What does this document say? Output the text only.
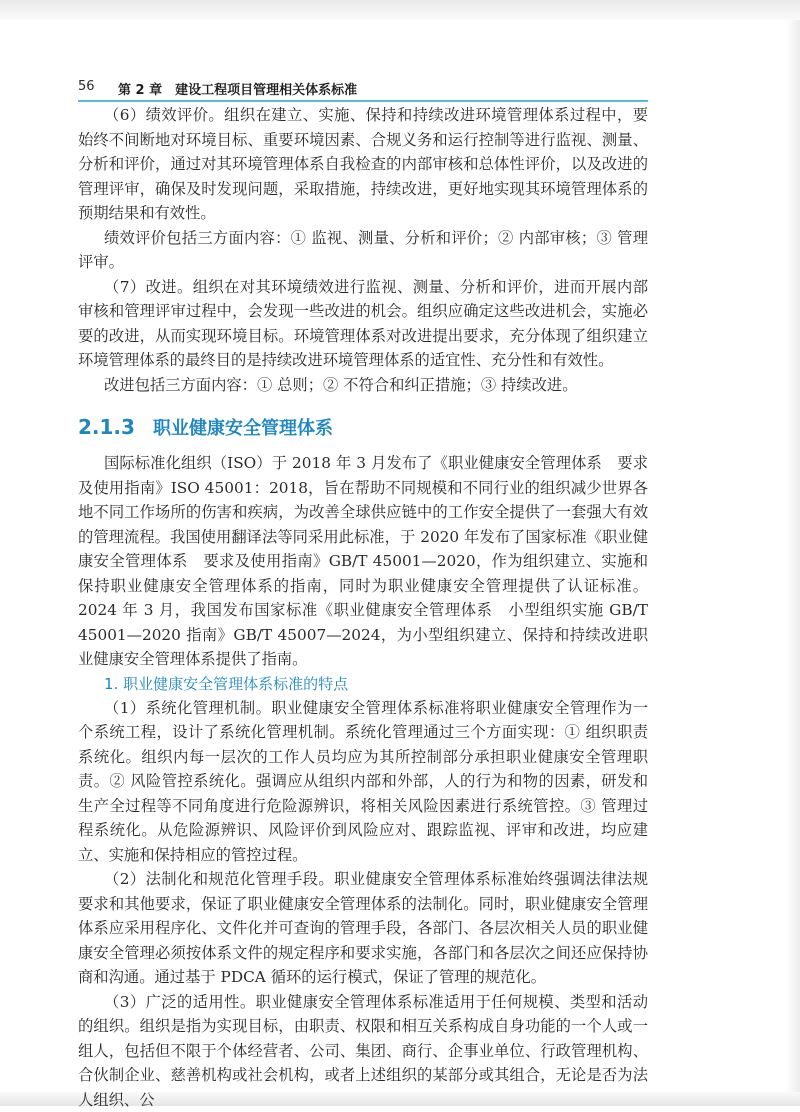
56 第 2 章　建设工程项目管理相关体系标准

（6）绩效评价。组织在建立、实施、保持和持续改进环境管理体系过程中，要始终不间断地对环境目标、重要环境因素、合规义务和运行控制等进行监视、测量、分析和评价，通过对其环境管理体系自我检查的内部审核和总体性评价，以及改进的管理评审，确保及时发现问题，采取措施，持续改进，更好地实现其环境管理体系的预期结果和有效性。

绩效评价包括三方面内容：① 监视、测量、分析和评价；② 内部审核；③ 管理评审。

（7）改进。组织在对其环境绩效进行监视、测量、分析和评价，进而开展内部审核和管理评审过程中，会发现一些改进的机会。组织应确定这些改进机会，实施必要的改进，从而实现环境目标。环境管理体系对改进提出要求，充分体现了组织建立环境管理体系的最终目的是持续改进环境管理体系的适宜性、充分性和有效性。

改进包括三方面内容：① 总则；② 不符合和纠正措施；③ 持续改进。

2.1.3 职业健康安全管理体系

国际标准化组织（ISO）于 2018 年 3 月发布了《职业健康安全管理体系　要求及使用指南》ISO 45001：2018，旨在帮助不同规模和不同行业的组织减少世界各地不同工作场所的伤害和疾病，为改善全球供应链中的工作安全提供了一套强大有效的管理流程。我国使用翻译法等同采用此标准，于 2020 年发布了国家标准《职业健康安全管理体系　要求及使用指南》GB/T 45001—2020，作为组织建立、实施和保持职业健康安全管理体系的指南，同时为职业健康安全管理提供了认证标准。2024 年 3 月，我国发布国家标准《职业健康安全管理体系　小型组织实施 GB/T 45001—2020 指南》GB/T 45007—2024，为小型组织建立、保持和持续改进职业健康安全管理体系提供了指南。

1. 职业健康安全管理体系标准的特点

（1）系统化管理机制。职业健康安全管理体系标准将职业健康安全管理作为一个系统工程，设计了系统化管理机制。系统化管理通过三个方面实现：① 组织职责系统化。组织内每一层次的工作人员均应为其所控制部分承担职业健康安全管理职责。② 风险管控系统化。强调应从组织内部和外部，人的行为和物的因素，研发和生产全过程等不同角度进行危险源辨识，将相关风险因素进行系统管控。③ 管理过程系统化。从危险源辨识、风险评价到风险应对、跟踪监视、评审和改进，均应建立、实施和保持相应的管控过程。

（2）法制化和规范化管理手段。职业健康安全管理体系标准始终强调法律法规要求和其他要求，保证了职业健康安全管理体系的法制化。同时，职业健康安全管理体系应采用程序化、文件化并可查询的管理手段，各部门、各层次相关人员的职业健康安全管理必须按体系文件的规定程序和要求实施，各部门和各层次之间还应保持协商和沟通。通过基于 PDCA 循环的运行模式，保证了管理的规范化。

（3）广泛的适用性。职业健康安全管理体系标准适用于任何规模、类型和活动的组织。组织是指为实现目标，由职责、权限和相互关系构成自身功能的一个人或一组人，包括但不限于个体经营者、公司、集团、商行、企事业单位、行政管理机构、合伙制企业、慈善机构或社会机构，或者上述组织的某部分或其组合，无论是否为法人组织、公
